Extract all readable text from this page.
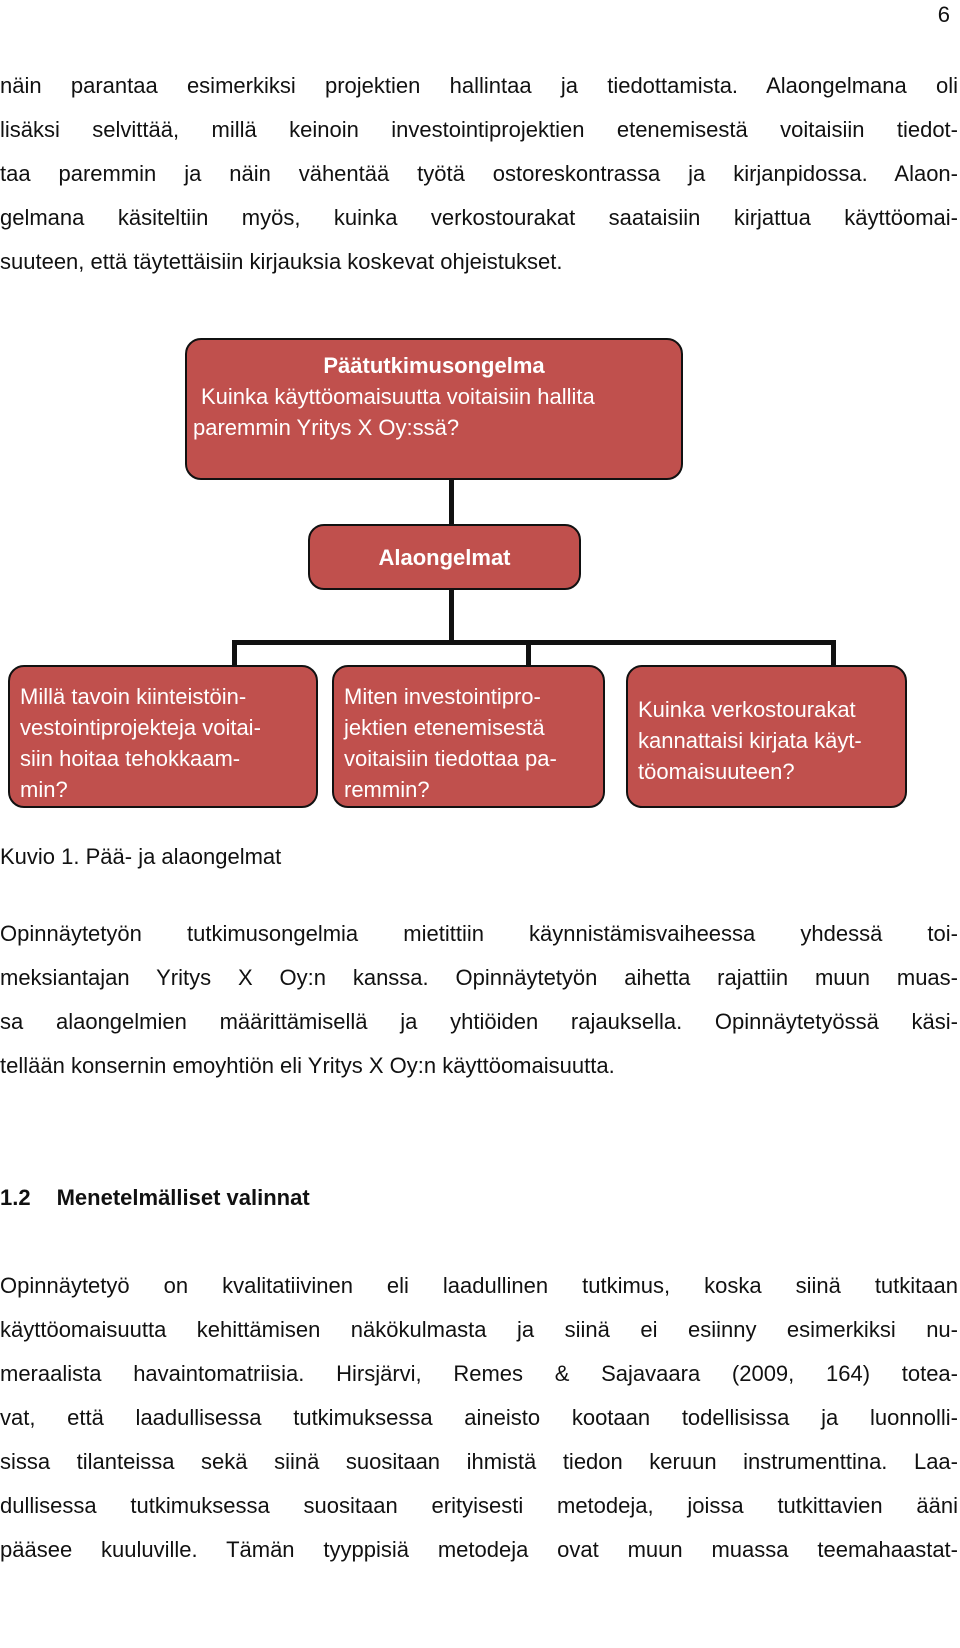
6
näin parantaa esimerkiksi projektien hallintaa ja tiedottamista. Alaongelmana oli
lisäksi selvittää, millä keinoin investointiprojektien etenemisestä voitaisiin tiedot-
taa paremmin ja näin vähentää työtä ostoreskontrassa ja kirjanpidossa. Alaon-
gelmana käsiteltiin myös, kuinka verkostourakat saataisiin kirjattua käyttöomai-
suuteen, että täytettäisiin kirjauksia koskevat ohjeistukset.
Päätutkimusongelma
Kuinka käyttöomaisuutta voitaisiin hallita
paremmin Yritys X Oy:ssä?
Alaongelmat
Millä tavoin kiinteistöin-
vestointiprojekteja voitai-
siin hoitaa tehokkaam-
min?
Miten investointipro-
jektien etenemisestä
voitaisiin tiedottaa pa-
remmin?
Kuinka verkostourakat
kannattaisi kirjata käyt-
töomaisuuteen?
Kuvio 1. Pää- ja alaongelmat
Opinnäytetyön tutkimusongelmia mietittiin käynnistämisvaiheessa yhdessä toi-
meksiantajan Yritys X Oy:n kanssa. Opinnäytetyön aihetta rajattiin muun muas-
sa alaongelmien määrittämisellä ja yhtiöiden rajauksella. Opinnäytetyössä käsi-
tellään konsernin emoyhtiön eli Yritys X Oy:n käyttöomaisuutta.
1.2 Menetelmälliset valinnat
Opinnäytetyö on kvalitatiivinen eli laadullinen tutkimus, koska siinä tutkitaan
käyttöomaisuutta kehittämisen näkökulmasta ja siinä ei esiinny esimerkiksi nu-
meraalista havaintomatriisia. Hirsjärvi, Remes & Sajavaara (2009, 164) totea-
vat, että laadullisessa tutkimuksessa aineisto kootaan todellisissa ja luonnolli-
sissa tilanteissa sekä siinä suositaan ihmistä tiedon keruun instrumenttina. Laa-
dullisessa tutkimuksessa suositaan erityisesti metodeja, joissa tutkittavien ääni
pääsee kuuluville. Tämän tyyppisiä metodeja ovat muun muassa teemahaastat-
